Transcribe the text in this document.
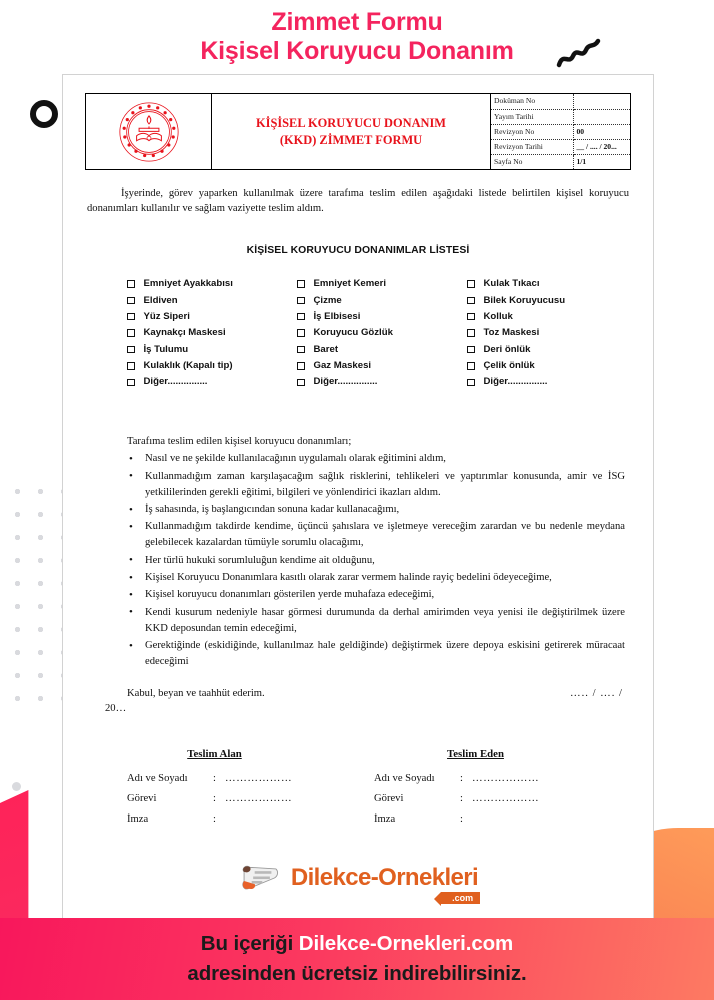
Zimmet Formu
Kişisel Koruyucu Donanım

KİŞİSEL KORUYUCU DONANIM
(KKD) ZİMMET FORMU

Doküman No	
Yayım Tarihi	
Revizyon No	00
Revizyon Tarihi	__ / .... / 20...
Sayfa No	1/1

İşyerinde, görev yaparken kullanılmak üzere tarafıma teslim edilen aşağıdaki listede belirtilen kişisel koruyucu donanımları kullanılır ve sağlam vaziyette teslim aldım.

KİŞİSEL KORUYUCU DONANIMLAR LİSTESİ
Emniyet Ayakkabısı
Eldiven
Yüz Siperi
Kaynakçı Maskesi
İş Tulumu
Kulaklık (Kapalı tip)
Diğer...............
Emniyet Kemeri
Çizme
İş Elbisesi
Koruyucu Gözlük
Baret
Gaz Maskesi
Diğer...............
Kulak Tıkacı
Bilek Koruyucusu
Kolluk
Toz Maskesi
Deri önlük
Çelik önlük
Diğer...............
Tarafıma teslim edilen kişisel koruyucu donanımları;
• Nasıl ve ne şekilde kullanılacağının uygulamalı olarak eğitimini aldım,
• Kullanmadığım zaman karşılaşacağım sağlık risklerini, tehlikeleri ve yaptırımlar konusunda, amir ve İSG yetkililerinden gerekli eğitimi, bilgileri ve yönlendirici ikazları aldım.
• İş sahasında, iş başlangıcından sonuna kadar kullanacağımı,
• Kullanmadığım takdirde kendime, üçüncü şahıslara ve işletmeye vereceğim zarardan ve bu nedenle meydana gelebilecek kazalardan tümüyle sorumlu olacağımı,
• Her türlü hukuki sorumluluğun kendime ait olduğunu,
• Kişisel Koruyucu Donanımlara kasıtlı olarak zarar vermem halinde rayiç bedelini ödeyeceğime,
• Kişisel koruyucu donanımları gösterilen yerde muhafaza edeceğimi,
• Kendi kusurum nedeniyle hasar görmesi durumunda da derhal amirimden veya yenisi ile değiştirilmek üzere KKD deposundan temin edeceğimi,
• Gerektiğinde (eskidiğinde, kullanılmaz hale geldiğinde) değiştirmek üzere depoya eskisini getirerek müracaat edeceğimi
Kabul, beyan ve taahhüt ederim.	….. / …. /
20…
Teslim Alan
Adı ve Soyadı	: ………………
Görevi	: ………………
İmza	:
Teslim Eden
Adı ve Soyadı	: ………………
Görevi	: ………………
İmza	:
Dilekce-Ornekleri
.com
Bu içeriği Dilekce-Ornekleri.com
adresinden ücretsiz indirebilirsiniz.
